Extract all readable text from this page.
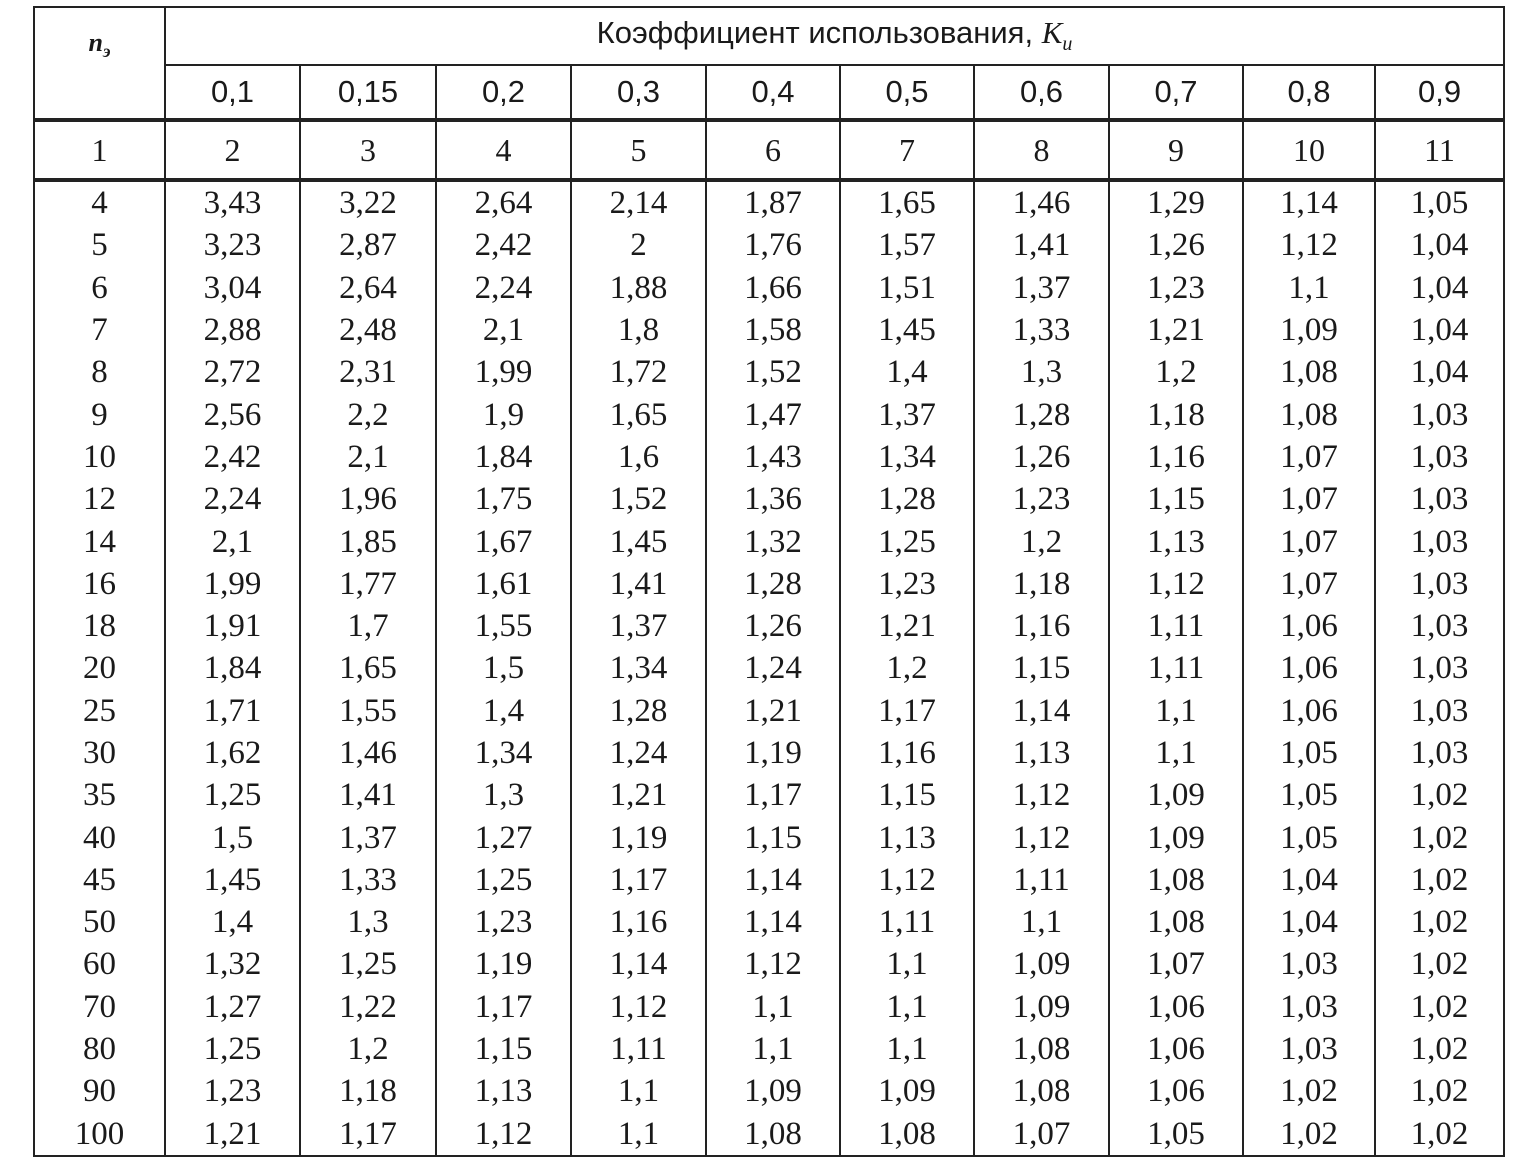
$n_э$	Коэффициент использования, $K_и$
	0,1	0,15	0,2	0,3	0,4	0,5	0,6	0,7	0,8	0,9
1	2	3	4	5	6	7	8	9	10	11
4	3,43	3,22	2,64	2,14	1,87	1,65	1,46	1,29	1,14	1,05
5	3,23	2,87	2,42	2	1,76	1,57	1,41	1,26	1,12	1,04
6	3,04	2,64	2,24	1,88	1,66	1,51	1,37	1,23	1,1	1,04
7	2,88	2,48	2,1	1,8	1,58	1,45	1,33	1,21	1,09	1,04
8	2,72	2,31	1,99	1,72	1,52	1,4	1,3	1,2	1,08	1,04
9	2,56	2,2	1,9	1,65	1,47	1,37	1,28	1,18	1,08	1,03
10	2,42	2,1	1,84	1,6	1,43	1,34	1,26	1,16	1,07	1,03
12	2,24	1,96	1,75	1,52	1,36	1,28	1,23	1,15	1,07	1,03
14	2,1	1,85	1,67	1,45	1,32	1,25	1,2	1,13	1,07	1,03
16	1,99	1,77	1,61	1,41	1,28	1,23	1,18	1,12	1,07	1,03
18	1,91	1,7	1,55	1,37	1,26	1,21	1,16	1,11	1,06	1,03
20	1,84	1,65	1,5	1,34	1,24	1,2	1,15	1,11	1,06	1,03
25	1,71	1,55	1,4	1,28	1,21	1,17	1,14	1,1	1,06	1,03
30	1,62	1,46	1,34	1,24	1,19	1,16	1,13	1,1	1,05	1,03
35	1,25	1,41	1,3	1,21	1,17	1,15	1,12	1,09	1,05	1,02
40	1,5	1,37	1,27	1,19	1,15	1,13	1,12	1,09	1,05	1,02
45	1,45	1,33	1,25	1,17	1,14	1,12	1,11	1,08	1,04	1,02
50	1,4	1,3	1,23	1,16	1,14	1,11	1,1	1,08	1,04	1,02
60	1,32	1,25	1,19	1,14	1,12	1,1	1,09	1,07	1,03	1,02
70	1,27	1,22	1,17	1,12	1,1	1,1	1,09	1,06	1,03	1,02
80	1,25	1,2	1,15	1,11	1,1	1,1	1,08	1,06	1,03	1,02
90	1,23	1,18	1,13	1,1	1,09	1,09	1,08	1,06	1,02	1,02
100	1,21	1,17	1,12	1,1	1,08	1,08	1,07	1,05	1,02	1,02
